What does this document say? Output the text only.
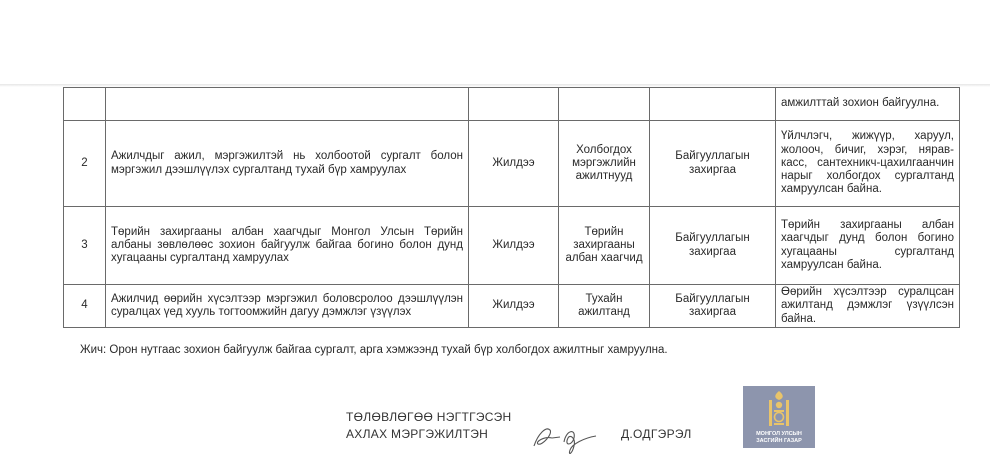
					амжилттай зохион байгуулна.
2	Ажилчдыг ажил, мэргэжилтэй нь холбоотой сургалт болон мэргэжил дээшлүүлэх сургалтанд тухай бүр хамруулах	Жилдээ	Холбогдох мэргэжлийн ажилтнууд	Байгууллагын захиргаа	Үйлчлэгч, жижүүр, харуул, жолооч, бичиг, хэрэг, нярав-касс, сантехникч-цахилгаанчин нарыг холбогдох сургалтанд хамруулсан байна.
3	Төрийн захиргааны албан хаагчдыг Монгол Улсын Төрийн албаны зөвлөлөөс зохион байгуулж байгаа богино болон дунд хугацааны сургалтанд хамруулах	Жилдээ	Төрийн захиргааны албан хаагчид	Байгууллагын захиргаа	Төрийн захиргааны албан хаагчдыг дунд болон богино хугацааны сургалтанд хамруулсан байна.
4	Ажилчид өөрийн хүсэлтээр мэргэжил боловсролоо дээшлүүлэн суралцах үед хууль тогтоомжийн дагуу дэмжлэг үзүүлэх	Жилдээ	Тухайн ажилтанд	Байгууллагын захиргаа	Өөрийн хүсэлтээр суралцсан ажилтанд дэмжлэг үзүүлсэн байна.
Жич: Орон нутгаас зохион байгуулж байгаа сургалт, арга хэмжээнд тухай бүр холбогдох ажилтныг хамруулна.
ТӨЛӨВЛӨГӨӨ НЭГТГЭСЭН
АХЛАХ МЭРГЭЖИЛТЭН	Д.ОДГЭРЭЛ	МОНГОЛ УЛСЫН
ЗАСГИЙН ГАЗАР
